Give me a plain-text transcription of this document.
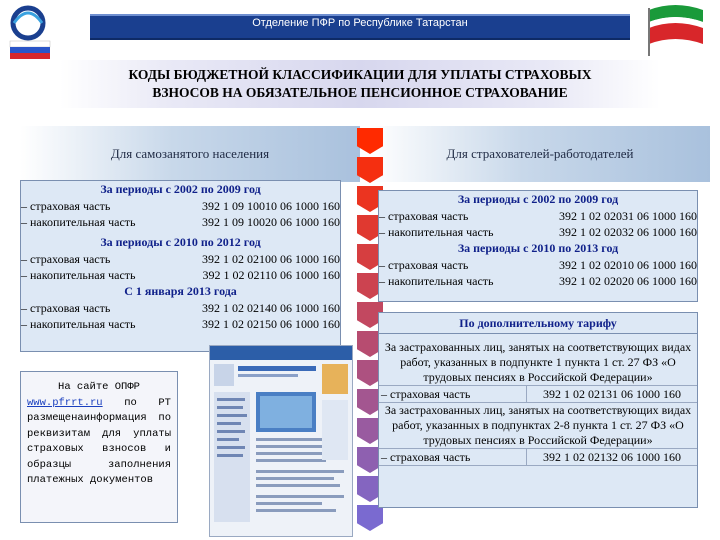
Отделение ПФР по Республике Татарстан
КОДЫ БЮДЖЕТНОЙ КЛАССИФИКАЦИИ ДЛЯ УПЛАТЫ СТРАХОВЫХ
ВЗНОСОВ НА ОБЯЗАТЕЛЬНОЕ ПЕНСИОННОЕ СТРАХОВАНИЕ
Для самозанятого населения	Для страхователей-работодателей
За периоды с 2002 по 2009 год
– страховая часть	392 1 09 10010 06 1000 160
– накопительная часть	392 1 09 10020 06 1000 160
За периоды с 2010 по 2012 год
– страховая часть	392 1 02 02100 06 1000 160
– накопительная часть	392 1 02 02110 06 1000 160
С 1 января 2013 года
– страховая часть	392 1 02 02140 06 1000 160
– накопительная часть	392 1 02 02150 06 1000 160
За периоды с 2002 по 2009 год
– страховая часть	392 1 02 02031 06 1000 160
– накопительная часть	392 1 02 02032 06 1000 160
За периоды с 2010 по 2013 год
– страховая часть	392 1 02 02010 06 1000 160
– накопительная часть	392 1 02 02020 06 1000 160
По дополнительному тарифу
За застрахованных лиц, занятых на соответствующих видах работ, указанных в подпункте 1 пункта 1 ст. 27 ФЗ «О трудовых пенсиях в Российской Федерации»
– страховая часть	392 1 02 02131 06 1000 160
За застрахованных лиц, занятых на соответствующих видах работ, указанных в подпунктах 2-8 пункта 1 ст. 27 ФЗ «О трудовых пенсиях в Российской Федерации»
– страховая часть	392 1 02 02132 06 1000 160
На сайте ОПФР
www.pfrrt.ru по РТ размещенаинформация по реквизитам для уплаты страховых взносов и образцы заполнения платежных документов
